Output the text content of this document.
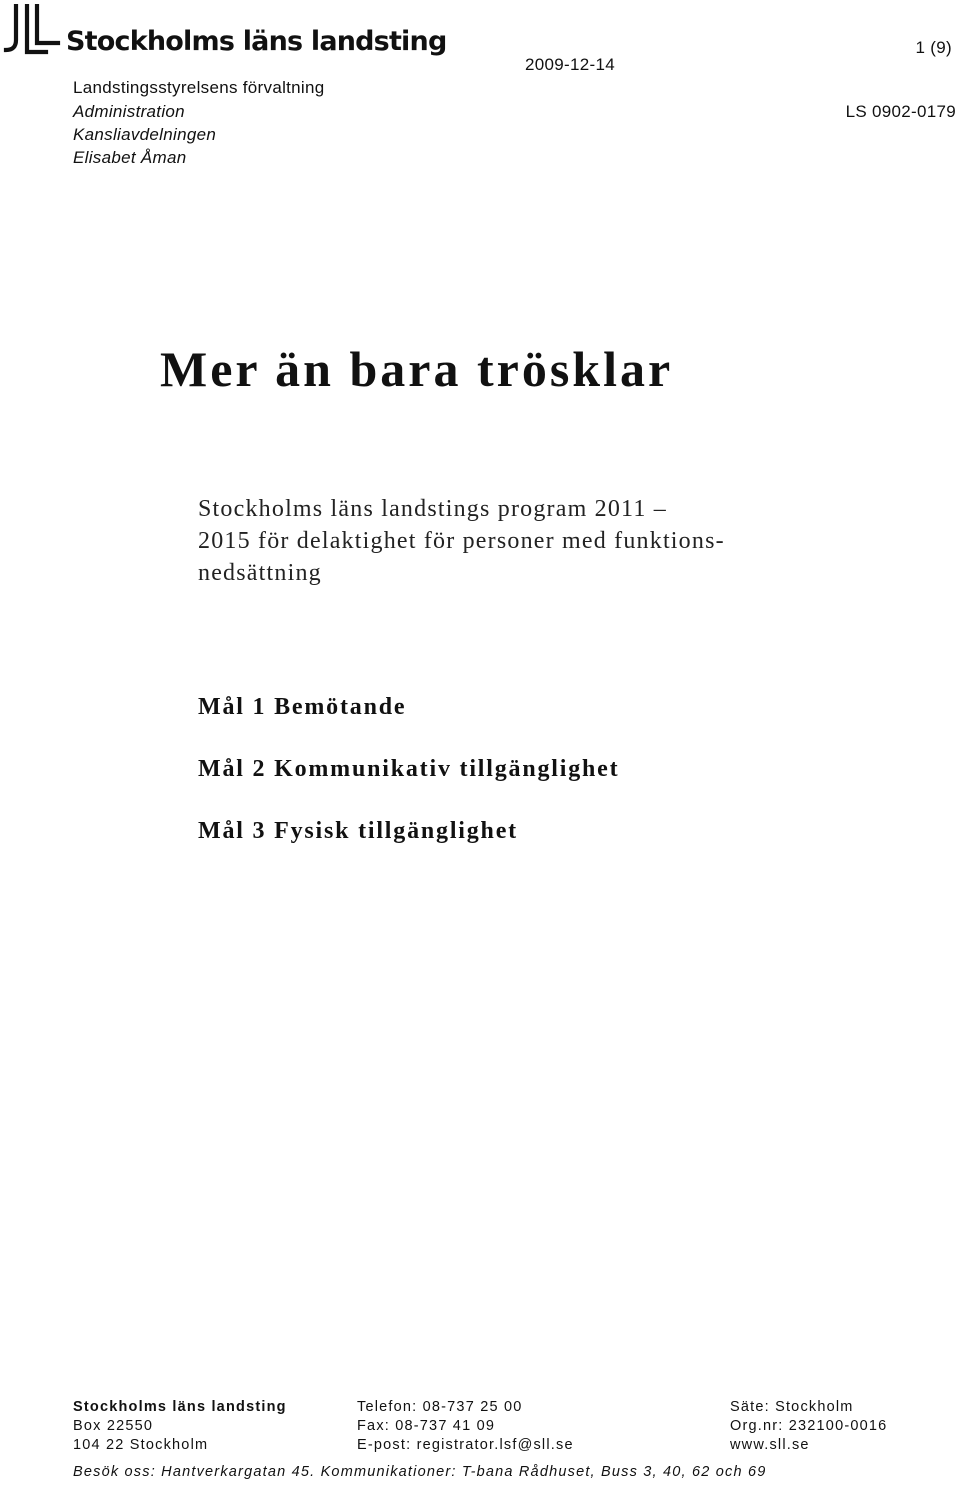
Stockholms läns landsting	1 (9)
2009-12-14
LS 0902-0179
Landstingsstyrelsens förvaltning
Administration
Kansliavdelningen
Elisabet Åman
Mer än bara trösklar
Stockholms läns landstings program 2011 –
2015 för delaktighet för personer med funktions-
nedsättning
Mål 1 Bemötande
Mål 2 Kommunikativ tillgänglighet
Mål 3 Fysisk tillgänglighet
Stockholms läns landsting
Box 22550
104 22 Stockholm
Telefon: 08-737 25 00
Fax: 08-737 41 09
E-post: registrator.lsf@sll.se
Säte: Stockholm
Org.nr: 232100-0016
www.sll.se
Besök oss: Hantverkargatan 45. Kommunikationer: T-bana Rådhuset, Buss 3, 40, 62 och 69
